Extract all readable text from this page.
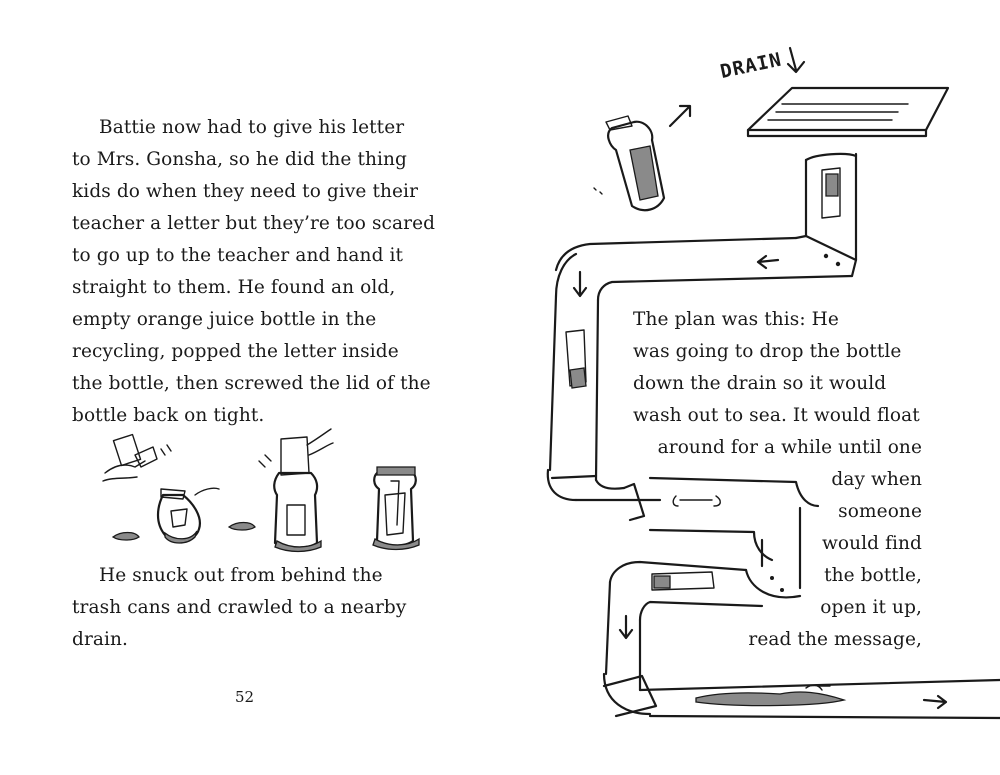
Battie now had to give his letter
to Mrs. Gonsha, so he did the thing
kids do when they need to give their
teacher a letter but they’re too scared
to go up to the teacher and hand it
straight to them. He found an old,
empty orange juice bottle in the
recycling, popped the letter inside
the bottle, then screwed the lid of the
bottle back on tight.
He snuck out from behind the
trash cans and crawled to a nearby
drain.
52
DRAIN
The plan was this: He
was going to drop the bottle
down the drain so it would
wash out to sea. It would float
around for a while until one
day when
someone
would find
the bottle,
open it up,
read the message,
